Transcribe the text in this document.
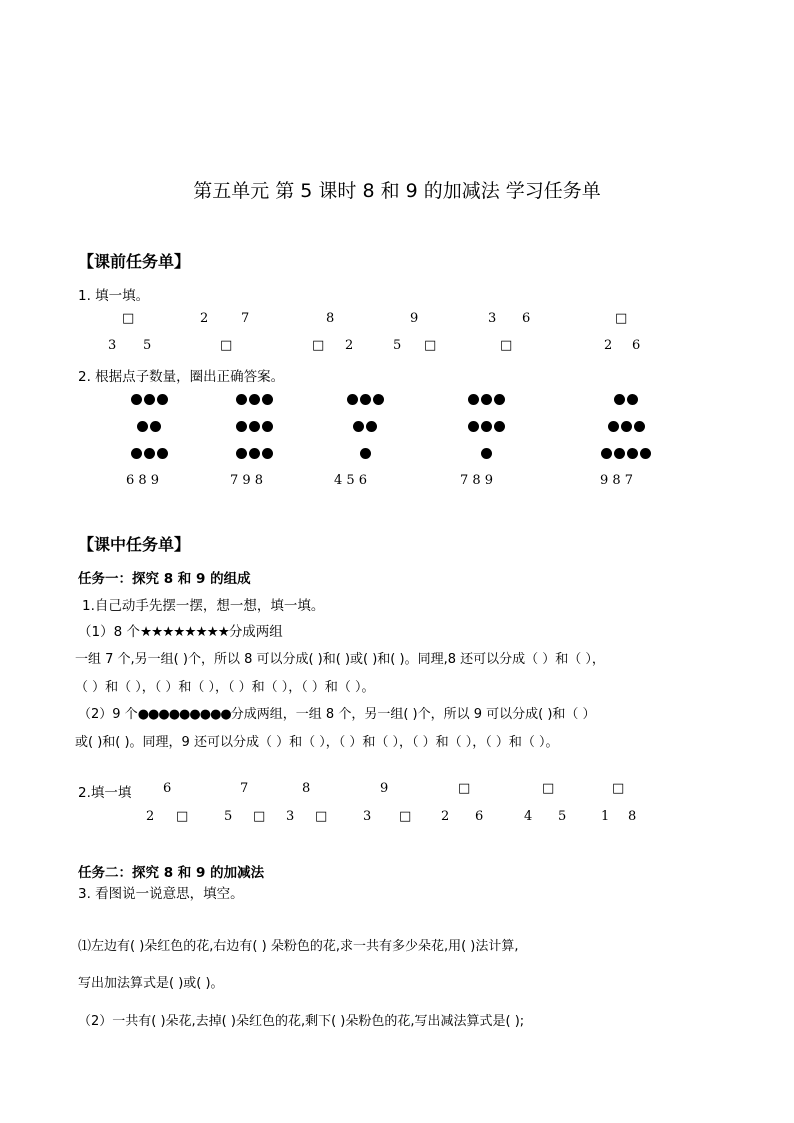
第五单元 第 5 课时 8 和 9 的加减法 学习任务单
【课前任务单】
1. 填一填。
□	2	7	8	9	3 6	□
3 5	□	□ 2	5 □	□	2 6
2. 根据点子数量，圈出正确答案。
6 8 9	7 9 8	4 5 6	7 8 9	9 8 7
【课中任务单】
任务一：探究 8 和 9 的组成
1.自己动手先摆一摆，想一想，填一填。
（1）8 个★★★★★★★★分成两组
一组 7 个,另一组( )个，所以 8 可以分成( )和( )或( )和( )。同理,8 还可以分成（ ）和（ ），
（ ）和（ ），（ ）和（ ），（ ）和（ ），（ ）和（ ）。
（2）9 个●●●●●●●●●分成两组，一组 8 个，另一组( )个，所以 9 可以分成( )和（ ）
或( )和( )。同理，9 还可以分成（ ）和（ ），（ ）和（ ），（ ）和（ ），（ ）和（ ）。
2.填一填 6	7	8	9	□	□	□
2 □	5 □ 3 □	3 □ 2 6	4 5	1 8
任务二：探究 8 和 9 的加减法
3. 看图说一说意思，填空。
⑴左边有( )朵红色的花,右边有( ) 朵粉色的花,求一共有多少朵花,用( )法计算,
写出加法算式是( )或( )。
（2）一共有( )朵花,去掉( )朵红色的花,剩下( )朵粉色的花,写出减法算式是( );
